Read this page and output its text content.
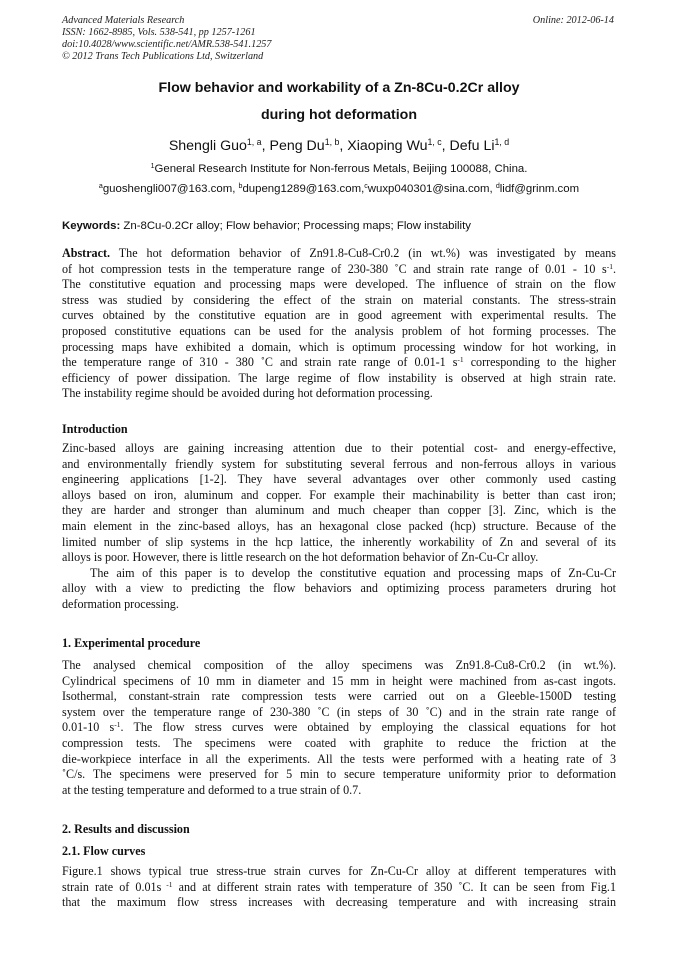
Advanced Materials Research
ISSN: 1662-8985, Vols. 538-541, pp 1257-1261
doi:10.4028/www.scientific.net/AMR.538-541.1257
© 2012 Trans Tech Publications Ltd, Switzerland
Online: 2012-06-14
Flow behavior and workability of a Zn-8Cu-0.2Cr alloy
during hot deformation
Shengli Guo$^{1, a}$, Peng Du$^{1, b}$, Xiaoping Wu$^{1, c}$, Defu Li$^{1, d}$
$^1$General Research Institute for Non-ferrous Metals, Beijing 100088, China.
$^a$guoshengli007@163.com, $^b$dupeng1289@163.com,$^c$wuxp040301@sina.com, $^d$lidf@grinm.com
Keywords: Zn-8Cu-0.2Cr alloy; Flow behavior; Processing maps; Flow instability

Abstract. The hot deformation behavior of Zn91.8-Cu8-Cr0.2 (in wt.%) was investigated by means

of hot compression tests in the temperature range of 230-380 ˚C and strain rate range of 0.01 - 10 $s^{-1}$.

The constitutive equation and processing maps were developed. The influence of strain on the flow

stress was studied by considering the effect of the strain on material constants. The stress-strain

curves obtained by the constitutive equation are in good agreement with experimental results. The

proposed constitutive equations can be used for the analysis problem of hot forming processes. The

processing maps have exhibited a domain, which is optimum processing window for hot working, in

the temperature range of 310 - 380 ˚C and strain rate range of 0.01-1 $s^{-1}$ corresponding to the higher

efficiency of power dissipation. The large regime of flow instability is observed at high strain rate.

The instability regime should be avoided during hot deformation processing.

Introduction

Zinc-based alloys are gaining increasing attention due to their potential cost- and energy-effective,

and environmentally friendly system for substituting several ferrous and non-ferrous alloys in various

engineering applications [1-2]. They have several advantages over other commonly used casting

alloys based on iron, aluminum and copper. For example their machinability is better than cast iron;

they are harder and stronger than aluminum and much cheaper than copper [3]. Zinc, which is the

main element in the zinc-based alloys, has an hexagonal close packed (hcp) structure. Because of the

limited number of slip systems in the hcp lattice, the inherently workability of Zn and several of its

alloys is poor. However, there is little research on the hot deformation behavior of Zn-Cu-Cr alloy.

The aim of this paper is to develop the constitutive equation and processing maps of Zn-Cu-Cr

alloy with a view to predicting the flow behaviors and optimizing process parameters druring hot

deformation processing.

1. Experimental procedure

The analysed chemical composition of the alloy specimens was Zn91.8-Cu8-Cr0.2 (in wt.%).

Cylindrical specimens of 10 mm in diameter and 15 mm in height were machined from as-cast ingots.

Isothermal, constant-strain rate compression tests were carried out on a Gleeble-1500D testing

system over the temperature range of 230-380 ˚C (in steps of 30 ˚C) and in the strain rate range of

0.01-10 $s^{-1}$. The flow stress curves were obtained by employing the classical equations for hot

compression tests. The specimens were coated with graphite to reduce the friction at the

die-workpiece interface in all the experiments. All the tests were performed with a heating rate of 3

˚C/s. The specimens were preserved for 5 min to secure temperature uniformity prior to deformation

at the testing temperature and deformed to a true strain of 0.7.

2. Results and discussion
2.1. Flow curves

Figure.1 shows typical true stress-true strain curves for Zn-Cu-Cr alloy at different temperatures with

strain rate of 0.01s $^{-1}$ and at different strain rates with temperature of 350 ˚C. It can be seen from Fig.1

that the maximum flow stress increases with decreasing temperature and with increasing strain
